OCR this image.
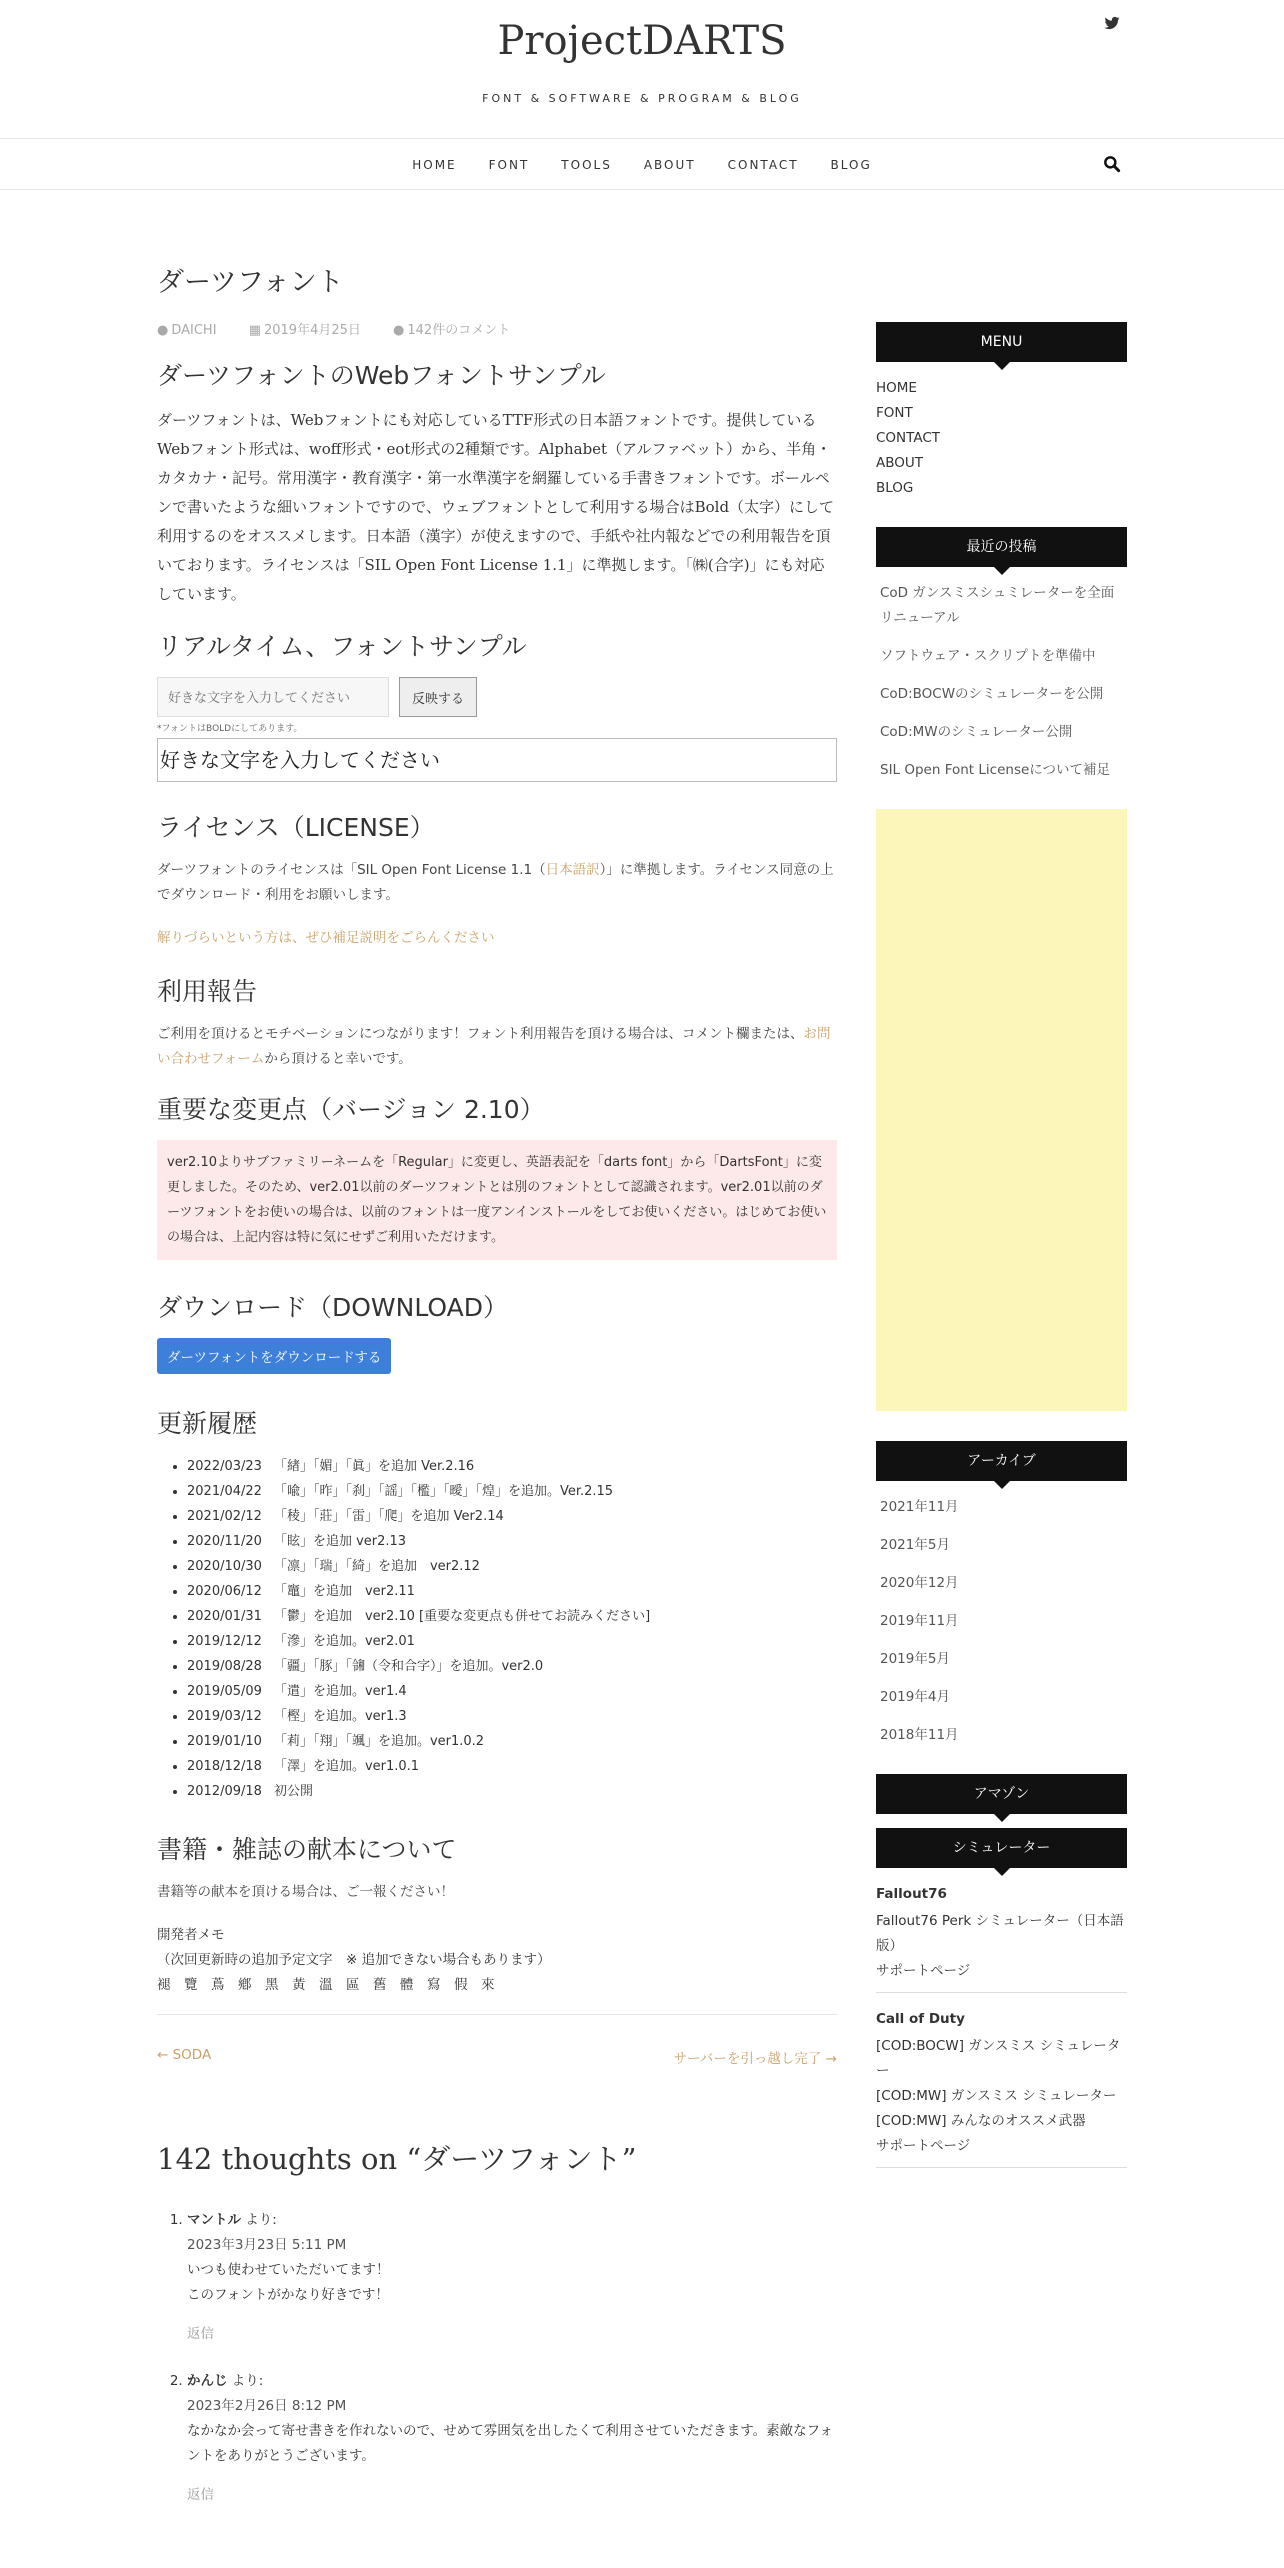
ProjectDARTS
FONT & SOFTWARE & PROGRAM & BLOG
HOME	FONT	TOOLS	ABOUT	CONTACT	BLOG
ダーツフォント
● DAICHI ▦ 2019年4月25日 ● 142件のコメント
ダーツフォントのWebフォントサンプル

ダーツフォントは、Webフォントにも対応しているTTF形式の日本語フォントです。提供しているWebフォント形式は、woff形式・eot形式の2種類です。Alphabet（アルファベット）から、半角・カタカナ・記号。常用漢字・教育漢字・第一水準漢字を網羅している手書きフォントです。ボールペンで書いたような細いフォントですので、ウェブフォントとして利用する場合はBold（太字）にして利用するのをオススメします。日本語（漢字）が使えますので、手紙や社内報などでの利用報告を頂いております。ライセンスは「SIL Open Font License 1.1」に準拠します。「㈱(合字)」にも対応しています。

リアルタイム、フォントサンプル
好きな文字を入力してください
反映する
*フォントはBOLDにしてあります。
好きな文字を入力してください
ライセンス（LICENSE）

ダーツフォントのライセンスは「SIL Open Font License 1.1（日本語訳）」に準拠します。ライセンス同意の上でダウンロード・利用をお願いします。

解りづらいという方は、ぜひ補足説明をごらんください
利用報告

ご利用を頂けるとモチベーションにつながります！フォント利用報告を頂ける場合は、コメント欄または、お問い合わせフォームから頂けると幸いです。

重要な変更点（バージョン 2.10）
ver2.10よりサブファミリーネームを「Regular」に変更し、英語表記を「darts font」から「DartsFont」に変更しました。そのため、ver2.01以前のダーツフォントとは別のフォントとして認識されます。ver2.01以前のダーツフォントをお使いの場合は、以前のフォントは一度アンインストールをしてお使いください。はじめてお使いの場合は、上記内容は特に気にせずご利用いただけます。
ダウンロード（DOWNLOAD）
ダーツフォントをダウンロードする
更新履歴
• 2022/03/23 「緖」「媚」「眞」を追加 Ver.2.16
• 2021/04/22 「喩」「昨」「刹」「謡」「檻」「曖」「煌」を追加。Ver.2.15
• 2021/02/12 「稜」「莊」「雷」「爬」を追加 Ver2.14
• 2020/11/20 「眩」を追加 ver2.13
• 2020/10/30 「凛」「瑞」「綺」を追加　ver2.12
• 2020/06/12 「竈」を追加　ver2.11
• 2020/01/31 「鬱」を追加　ver2.10 [重要な変更点も併せてお読みください]
• 2019/12/12 「滲」を追加。ver2.01
• 2019/08/28 「疆」「豚」「㋿（令和合字）」を追加。ver2.0
• 2019/05/09 「遣」を追加。ver1.4
• 2019/03/12 「樫」を追加。ver1.3
• 2019/01/10 「莉」「翔」「颯」を追加。ver1.0.2
• 2018/12/18 「澤」を追加。ver1.0.1
• 2012/09/18 初公開
書籍・雑誌の献本について

書籍等の献本を頂ける場合は、ご一報ください！

開発者メモ
（次回更新時の追加予定文字　※ 追加できない場合もあります）
褪　覽　蔦　鄕　黑　黃　溫　區　舊　體　寫　假　來
← SODA	サーバーを引っ越し完了 →
142 thoughts on “ダーツフォント”
1. マントル より:
2023年3月23日 5:11 PM
いつも使わせていただいてます！
このフォントがかなり好きです！
返信
2. かんじ より:
2023年2月26日 8:12 PM
なかなか会って寄せ書きを作れないので、せめて雰囲気を出したくて利用させていただきます。素敵なフォントをありがとうございます。
返信
MENU
HOME
FONT
CONTACT
ABOUT
BLOG
最近の投稿
CoD ガンスミスシュミレーターを全面リニューアル
ソフトウェア・スクリプトを準備中
CoD:BOCWのシミュレーターを公開
CoD:MWのシミュレーター公開
SIL Open Font Licenseについて補足
アーカイブ
2021年11月
2021年5月
2020年12月
2019年11月
2019年5月
2019年4月
2018年11月
アマゾン
シミュレーター
Fallout76
Fallout76 Perk シミュレーター（日本語版）
サポートページ
Call of Duty
[COD:BOCW] ガンスミス シミュレーター
[COD:MW] ガンスミス シミュレーター
[COD:MW] みんなのオススメ武器
サポートページ
